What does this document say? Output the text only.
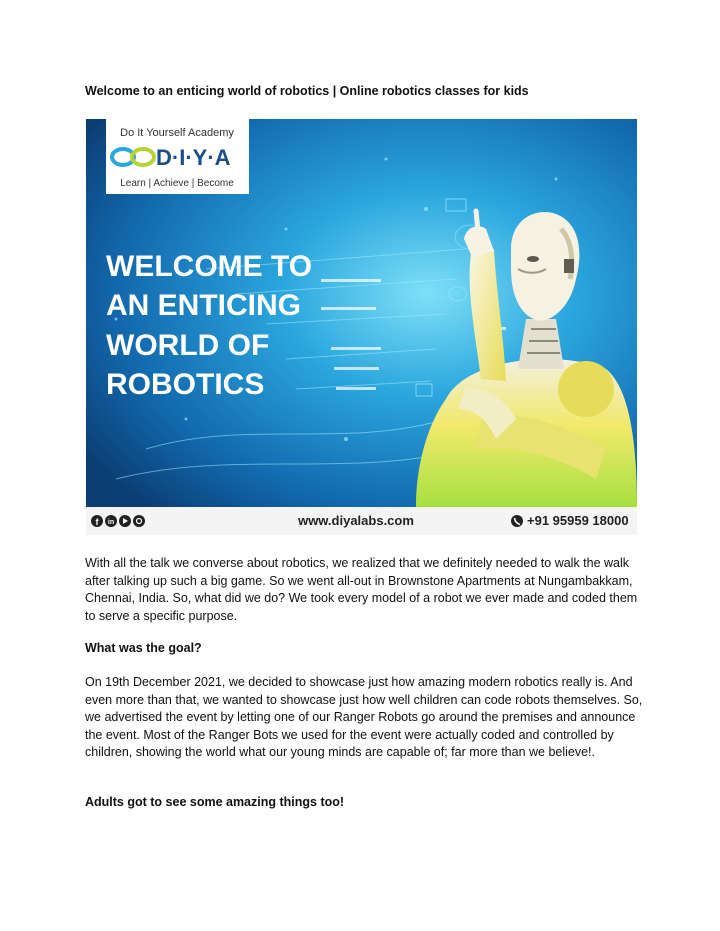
Welcome to an enticing world of robotics | Online robotics classes for kids

Do It Yourself Academy
D·I·Y·A
Learn | Achieve | Become
WELCOME TO
AN ENTICING
WORLD OF
ROBOTICS
f in	www.diyalabs.com	+91 95959 18000

With all the talk we converse about robotics, we realized that we definitely needed to walk the walk after talking up such a big game. So we went all-out in Brownstone Apartments at Nungambakkam, Chennai, India. So, what did we do? We took every model of a robot we ever made and coded them to serve a specific purpose.

What was the goal?

On 19th December 2021, we decided to showcase just how amazing modern robotics really is. And even more than that, we wanted to showcase just how well children can code robots themselves. So, we advertised the event by letting one of our Ranger Robots go around the premises and announce the event. Most of the Ranger Bots we used for the event were actually coded and controlled by children, showing the world what our young minds are capable of; far more than we believe!.

Adults got to see some amazing things too!
